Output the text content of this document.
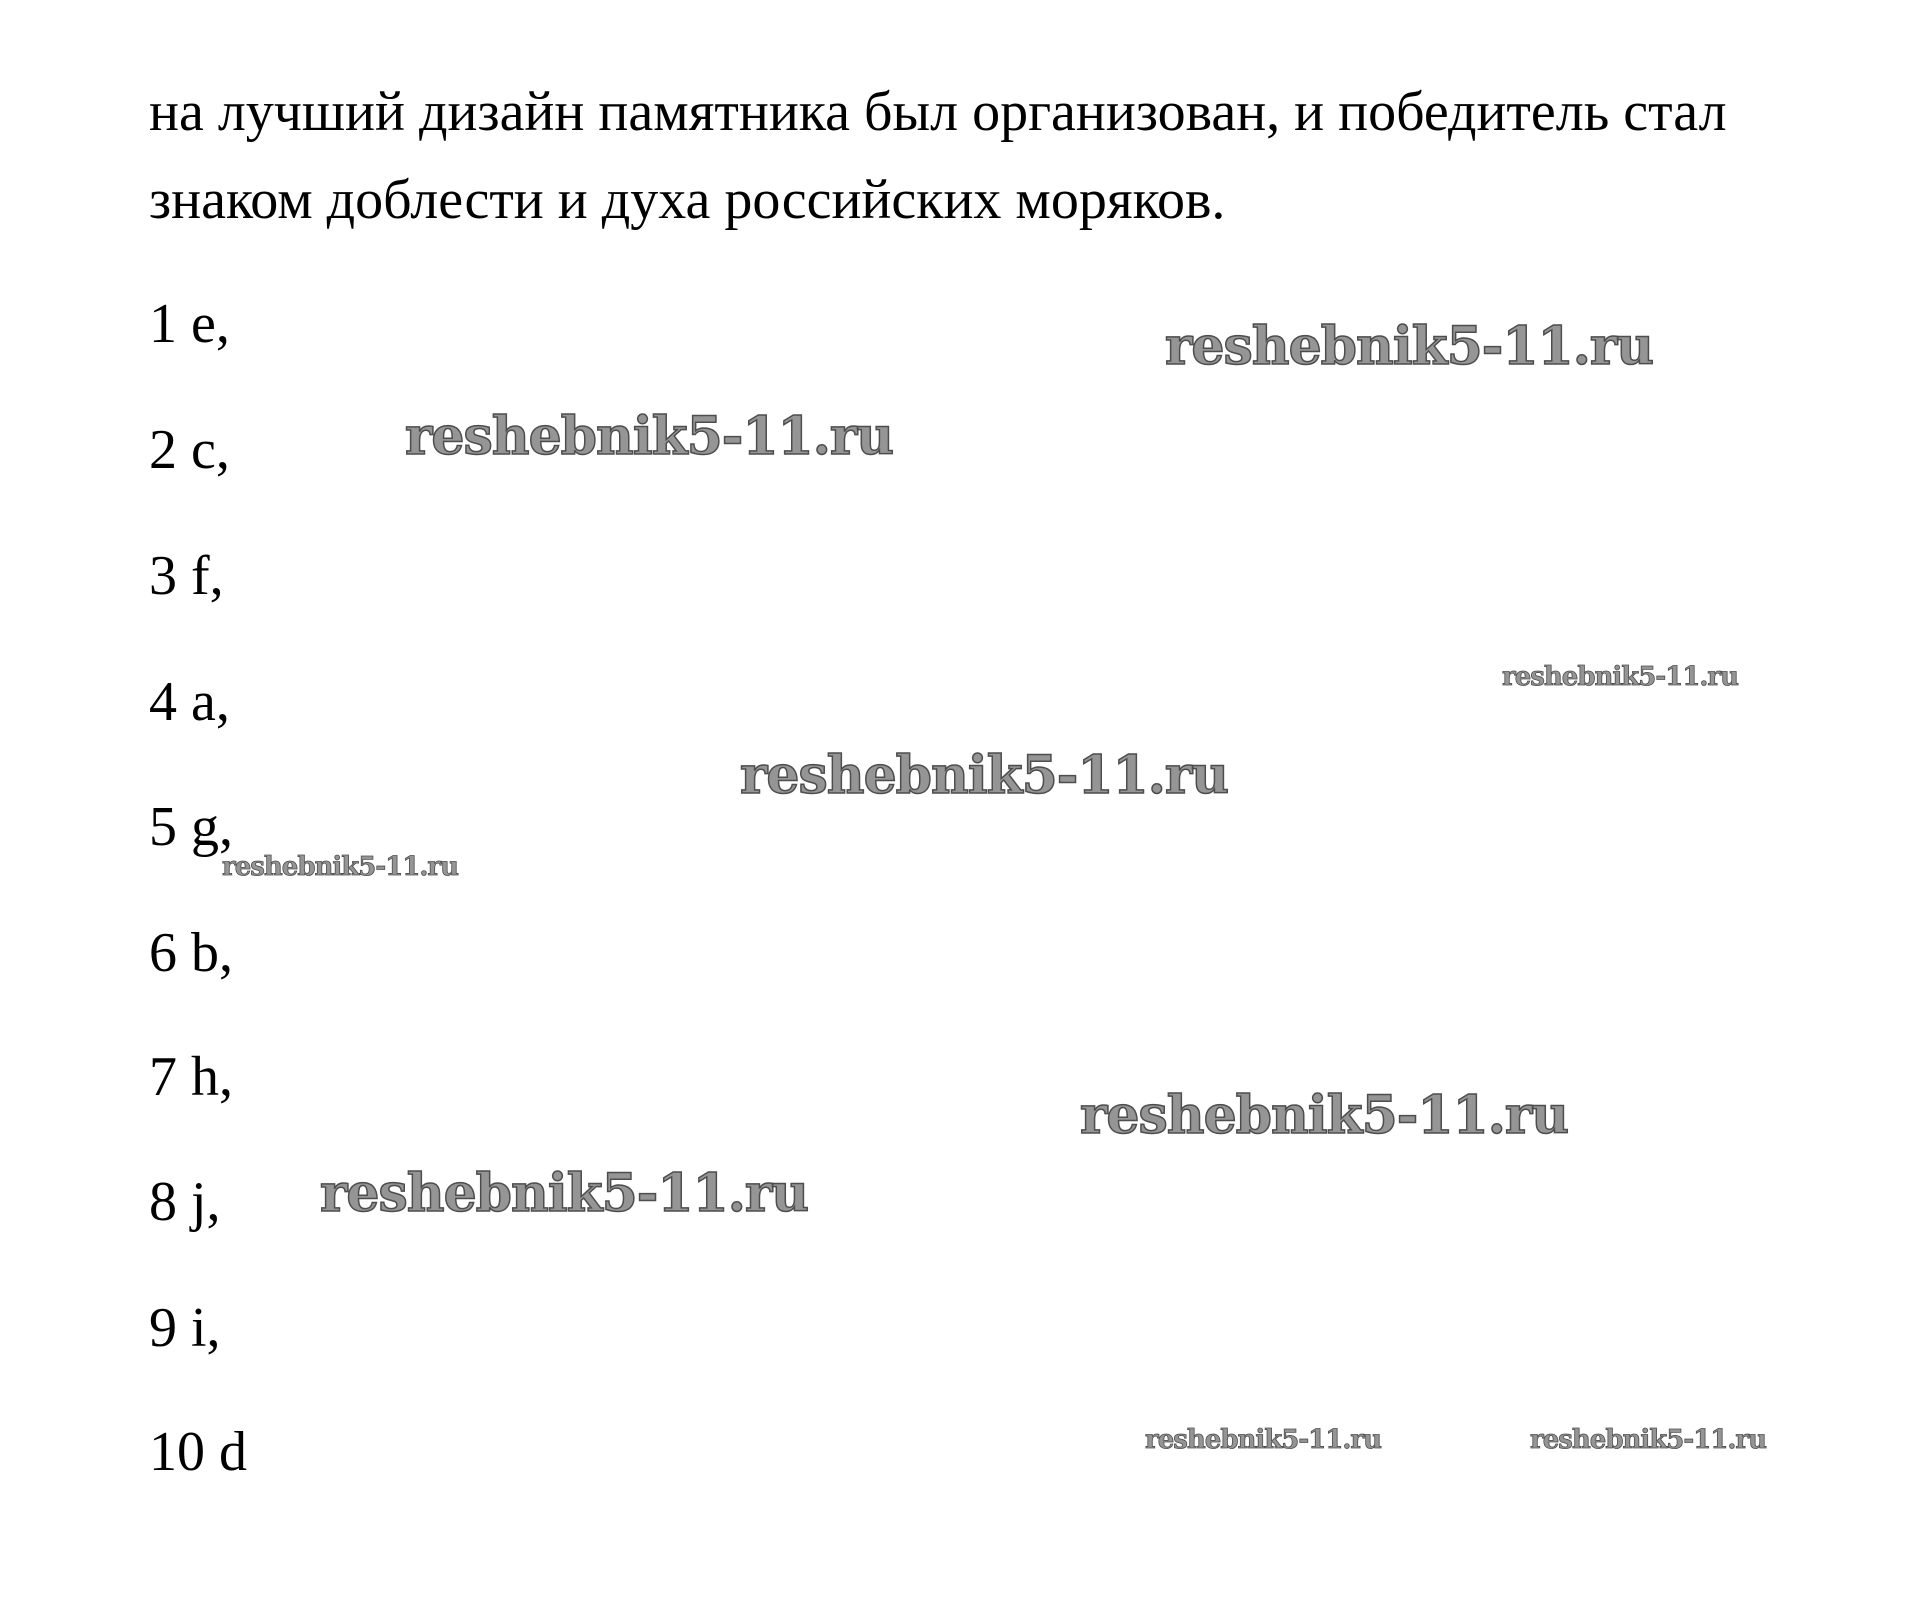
на лучший дизайн памятника был организован, и победитель стал
знаком доблести и духа российских моряков.
1 e,
2 c,
3 f,
4 a,
5 g,
6 b,
7 h,
8 j,
9 i,
10 d
reshebnik5-11.ru
reshebnik5-11.ru
reshebnik5-11.ru
reshebnik5-11.ru
reshebnik5-11.ru
reshebnik5-11.ru
reshebnik5-11.ru
reshebnik5-11.ru	reshebnik5-11.ru
